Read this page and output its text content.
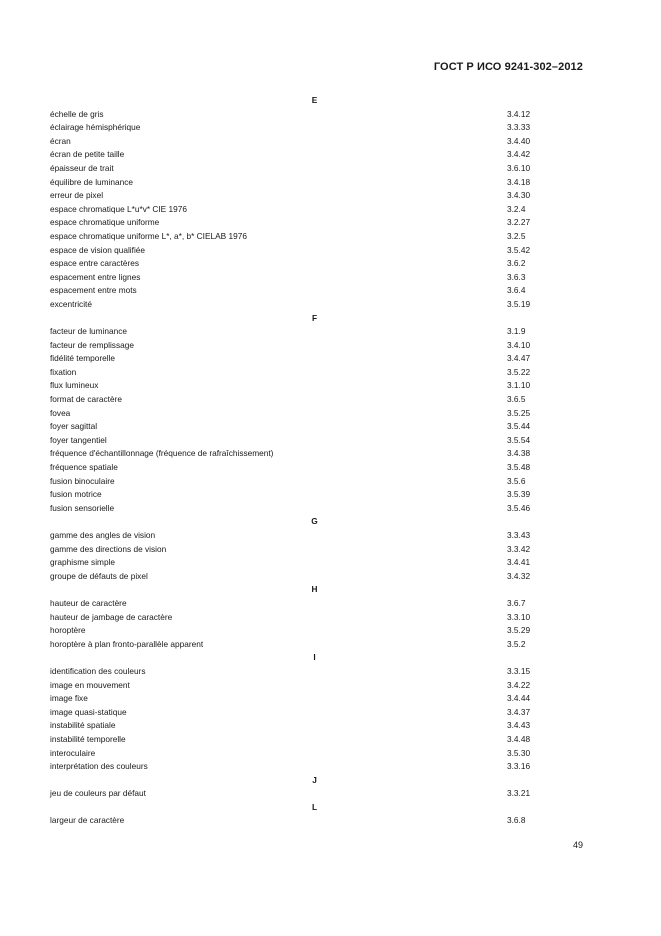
ГОСТ Р ИСО 9241-302–2012
E
échelle de gris	3.4.12
éclairage hémisphérique	3.3.33
écran	3.4.40
écran de petite taille	3.4.42
épaisseur de trait	3.6.10
équilibre de luminance	3.4.18
erreur de pixel	3.4.30
espace chromatique L*u*v* CIE 1976	3.2.4
espace chromatique uniforme	3.2.27
espace chromatique uniforme L*, a*, b* CIELAB 1976	3.2.5
espace de vision qualifiée	3.5.42
espace entre caractères	3.6.2
espacement entre lignes	3.6.3
espacement entre mots	3.6.4
excentricité	3.5.19
F
facteur de luminance	3.1.9
facteur de remplissage	3.4.10
fidélité temporelle	3.4.47
fixation	3.5.22
flux lumineux	3.1.10
format de caractère	3.6.5
fovea	3.5.25
foyer sagittal	3.5.44
foyer tangentiel	3.5.54
fréquence d'échantillonnage (fréquence de rafraîchissement)	3.4.38
fréquence spatiale	3.5.48
fusion binoculaire	3.5.6
fusion motrice	3.5.39
fusion sensorielle	3.5.46
G
gamme des angles de vision	3.3.43
gamme des directions de vision	3.3.42
graphisme simple	3.4.41
groupe de défauts de pixel	3.4.32
H
hauteur de caractère	3.6.7
hauteur de jambage de caractère	3.3.10
horoptère	3.5.29
horoptère à plan fronto-parallèle apparent	3.5.2
I
identification des couleurs	3.3.15
image en mouvement	3.4.22
image fixe	3.4.44
image quasi-statique	3.4.37
instabilité spatiale	3.4.43
instabilité temporelle	3.4.48
interoculaire	3.5.30
interprétation des couleurs	3.3.16
J
jeu de couleurs par défaut	3.3.21
L
largeur de caractère	3.6.8
49
